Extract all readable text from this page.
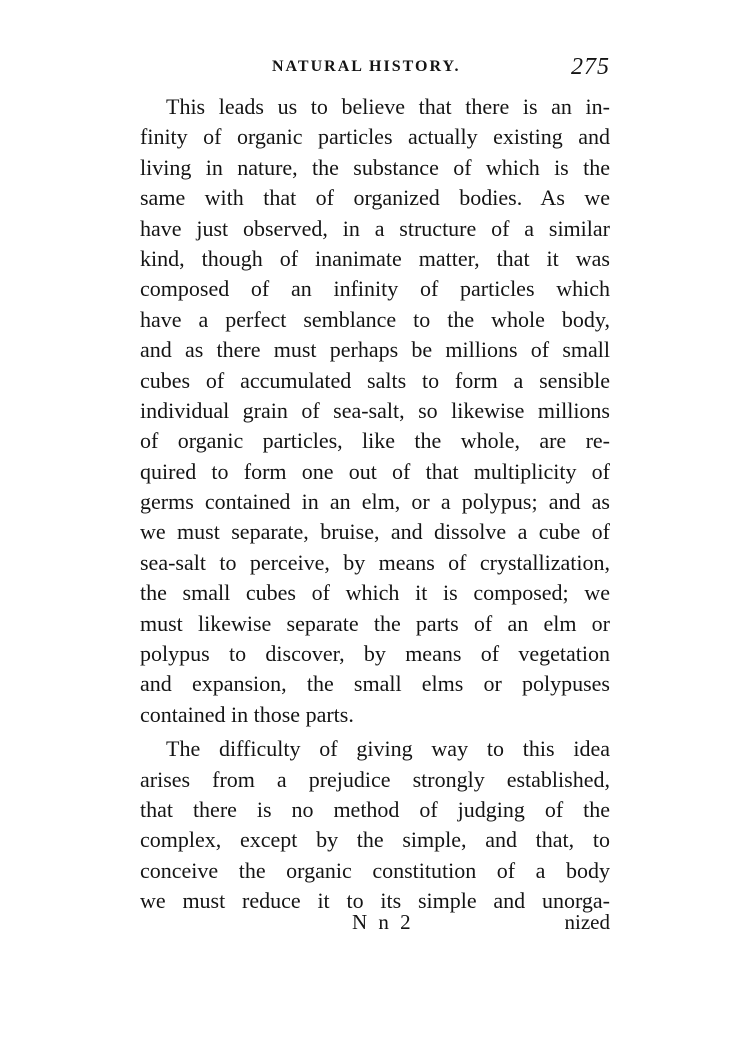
NATURAL HISTORY.	275
This leads us to believe that there is an in-
finity of organic particles actually existing and
living in nature, the substance of which is the
same with that of organized bodies. As we
have just observed, in a structure of a similar
kind, though of inanimate matter, that it was
composed of an infinity of particles which
have a perfect semblance to the whole body,
and as there must perhaps be millions of small
cubes of accumulated salts to form a sensible
individual grain of sea-salt, so likewise millions
of organic particles, like the whole, are re-
quired to form one out of that multiplicity of
germs contained in an elm, or a polypus; and as
we must separate, bruise, and dissolve a cube of
sea-salt to perceive, by means of crystallization,
the small cubes of which it is composed; we
must likewise separate the parts of an elm or
polypus to discover, by means of vegetation
and expansion, the small elms or polypuses
contained in those parts.
The difficulty of giving way to this idea
arises from a prejudice strongly established,
that there is no method of judging of the
complex, except by the simple, and that, to
conceive the organic constitution of a body
we must reduce it to its simple and unorga-
N n 2	nized
